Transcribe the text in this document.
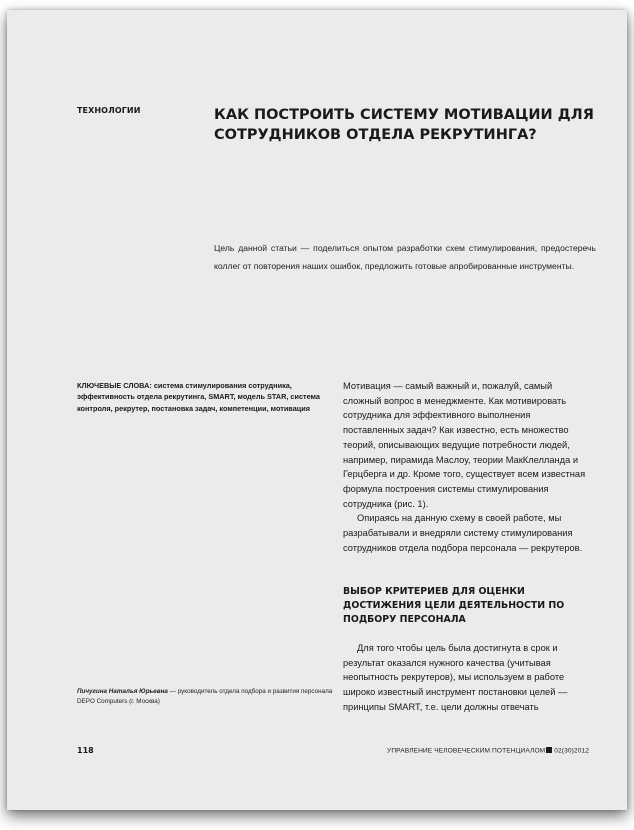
ТЕХНОЛОГИИ	КАК ПОСТРОИТЬ СИСТЕМУ МОТИВАЦИИ ДЛЯ СОТРУДНИКОВ ОТДЕЛА РЕКРУТИНГА?
Цель данной статьи — поделиться опытом разработки схем стимулирования, предостеречь коллег от повторения наших ошибок, предложить готовые апробированные инструменты.
КЛЮЧЕВЫЕ СЛОВА: система стимулирования сотрудника, эффективность отдела рекрутинга, SMART, модель STAR, система контроля, рекрутер, постановка задач, компетенции, мотивация

Мотивация — самый важный и, пожалуй, самый сложный вопрос в менеджменте. Как мотивировать сотрудника для эффективного выполнения поставленных задач? Как известно, есть множество теорий, описывающих ведущие потребности людей, например, пирамида Маслоу, теории МакКлелланда и Герцберга и др. Кроме того, существует всем известная формула построения системы стимулирования сотрудника (рис. 1).

Опираясь на данную схему в своей работе, мы разрабатывали и внедряли систему стимулирования сотрудников отдела подбора персонала — рекрутеров.

ВЫБОР КРИТЕРИЕВ ДЛЯ ОЦЕНКИ ДОСТИЖЕНИЯ ЦЕЛИ ДЕЯТЕЛЬНОСТИ ПО ПОДБОРУ ПЕРСОНАЛА

Для того чтобы цель была достигнута в срок и результат оказался нужного качества (учитывая неопытность рекрутеров), мы используем в работе широко известный инструмент постановки целей — принципы SMART, т.е. цели должны отвечать

Пичугина Наталья Юрьевна — руководитель отдела подбора и развития персонала
DEPO Computers (г. Москва)
118	УПРАВЛЕНИЕ ЧЕЛОВЕЧЕСКИМ ПОТЕНЦИАЛОМ 02(30)2012
